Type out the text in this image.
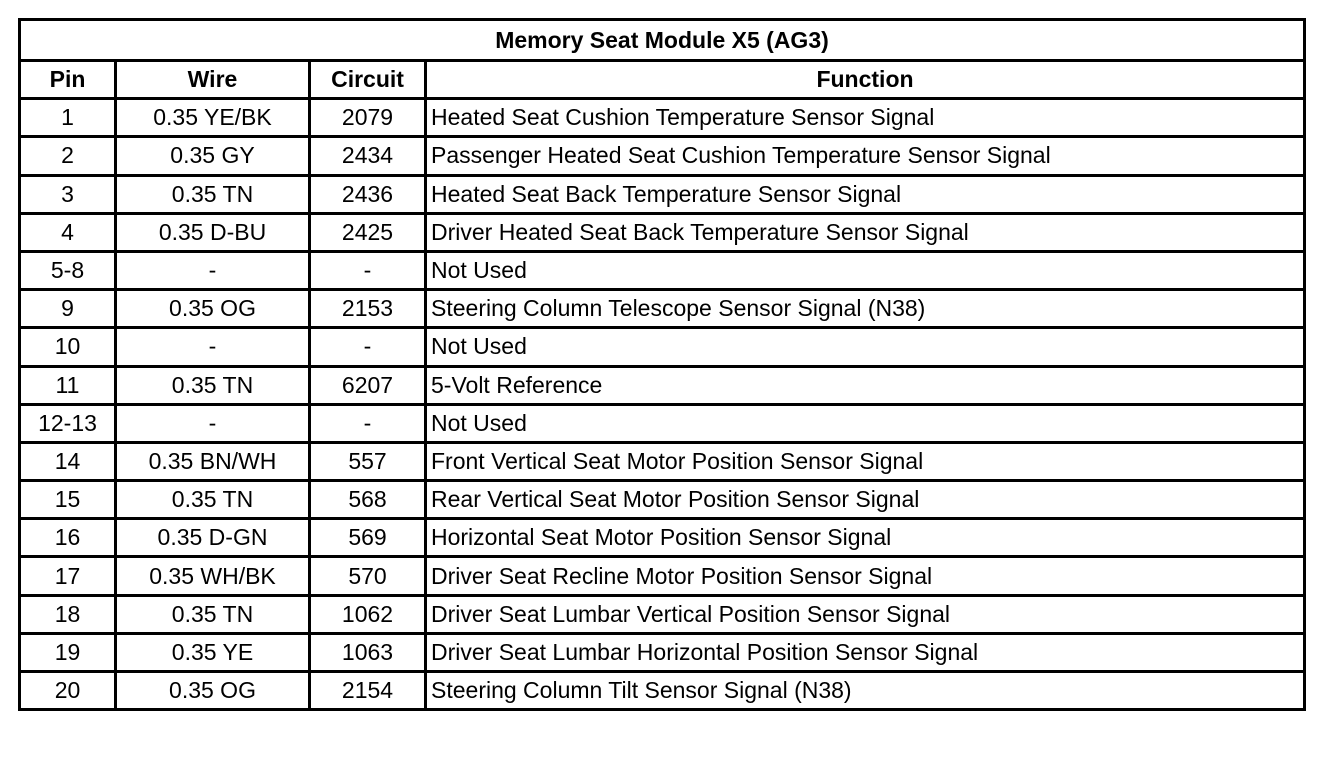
Memory Seat Module X5 (AG3)			
Pin	Wire	Circuit	Function
1	0.35 YE/BK	2079	Heated Seat Cushion Temperature Sensor Signal
2	0.35 GY	2434	Passenger Heated Seat Cushion Temperature Sensor Signal
3	0.35 TN	2436	Heated Seat Back Temperature Sensor Signal
4	0.35 D-BU	2425	Driver Heated Seat Back Temperature Sensor Signal
5-8	-	-	Not Used
9	0.35 OG	2153	Steering Column Telescope Sensor Signal (N38)
10	-	-	Not Used
11	0.35 TN	6207	5-Volt Reference
12-13	-	-	Not Used
14	0.35 BN/WH	557	Front Vertical Seat Motor Position Sensor Signal
15	0.35 TN	568	Rear Vertical Seat Motor Position Sensor Signal
16	0.35 D-GN	569	Horizontal Seat Motor Position Sensor Signal
17	0.35 WH/BK	570	Driver Seat Recline Motor Position Sensor Signal
18	0.35 TN	1062	Driver Seat Lumbar Vertical Position Sensor Signal
19	0.35 YE	1063	Driver Seat Lumbar Horizontal Position Sensor Signal
20	0.35 OG	2154	Steering Column Tilt Sensor Signal (N38)
